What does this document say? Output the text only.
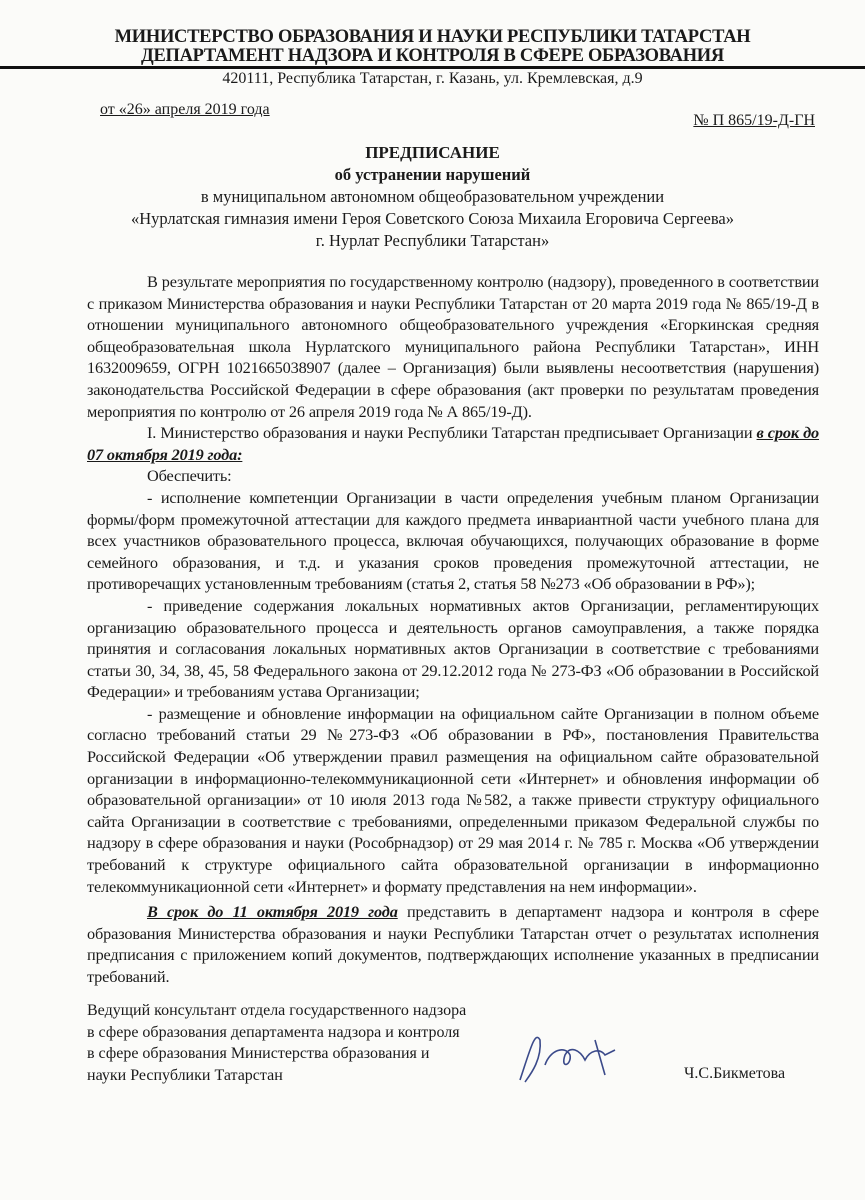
МИНИСТЕРСТВО ОБРАЗОВАНИЯ И НАУКИ РЕСПУБЛИКИ ТАТАРСТАН
ДЕПАРТАМЕНТ НАДЗОРА И КОНТРОЛЯ В СФЕРЕ ОБРАЗОВАНИЯ
420111, Республика Татарстан, г. Казань, ул. Кремлевская, д.9
от «26» апреля 2019 года
№ П 865/19-Д-ГН
ПРЕДПИСАНИЕ
об устранении нарушений
в муниципальном автономном общеобразовательном учреждении
«Нурлатская гимназия имени Героя Советского Союза Михаила Егоровича Сергеева»
г. Нурлат Республики Татарстан»

В результате мероприятия по государственному контролю (надзору), проведенного в соответствии с приказом Министерства образования и науки Республики Татарстан от 20 марта 2019 года № 865/19-Д в отношении муниципального автономного общеобразовательного учреждения «Егоркинская средняя общеобразовательная школа Нурлатского муниципального района Республики Татарстан», ИНН 1632009659, ОГРН 1021665038907 (далее – Организация) были выявлены несоответствия (нарушения) законодательства Российской Федерации в сфере образования (акт проверки по результатам проведения мероприятия по контролю от 26 апреля 2019 года № А 865/19-Д).

I. Министерство образования и науки Республики Татарстан предписывает Организации в срок до 07 октября 2019 года:

Обеспечить:

- исполнение компетенции Организации в части определения учебным планом Организации формы/форм промежуточной аттестации для каждого предмета инвариантной части учебного плана для всех участников образовательного процесса, включая обучающихся, получающих образование в форме семейного образования, и т.д. и указания сроков проведения промежуточной аттестации, не противоречащих установленным требованиям (статья 2, статья 58 №273 «Об образовании в РФ»);

- приведение содержания локальных нормативных актов Организации, регламентирующих организацию образовательного процесса и деятельность органов самоуправления, а также порядка принятия и согласования локальных нормативных актов Организации в соответствие с требованиями статьи 30, 34, 38, 45, 58 Федерального закона от 29.12.2012 года № 273-ФЗ «Об образовании в Российской Федерации» и требованиям устава Организации;

- размещение и обновление информации на официальном сайте Организации в полном объеме согласно требований статьи 29 №273-ФЗ «Об образовании в РФ», постановления Правительства Российской Федерации «Об утверждении правил размещения на официальном сайте образовательной организации в информационно-телекоммуникационной сети «Интернет» и обновления информации об образовательной организации» от 10 июля 2013 года №582, а также привести структуру официального сайта Организации в соответствие с требованиями, определенными приказом Федеральной службы по надзору в сфере образования и науки (Рособрнадзор) от 29 мая 2014 г. № 785 г. Москва «Об утверждении требований к структуре официального сайта образовательной организации в информационно телекоммуникационной сети «Интернет» и формату представления на нем информации».

В срок до 11 октября 2019 года представить в департамент надзора и контроля в сфере образования Министерства образования и науки Республики Татарстан отчет о результатах исполнения предписания с приложением копий документов, подтверждающих исполнение указанных в предписании требований.

Ведущий консультант отдела государственного надзора в сфере образования департамента надзора и контроля в сфере образования Министерства образования и науки Республики Татарстан	Ч.С.Бикметова
